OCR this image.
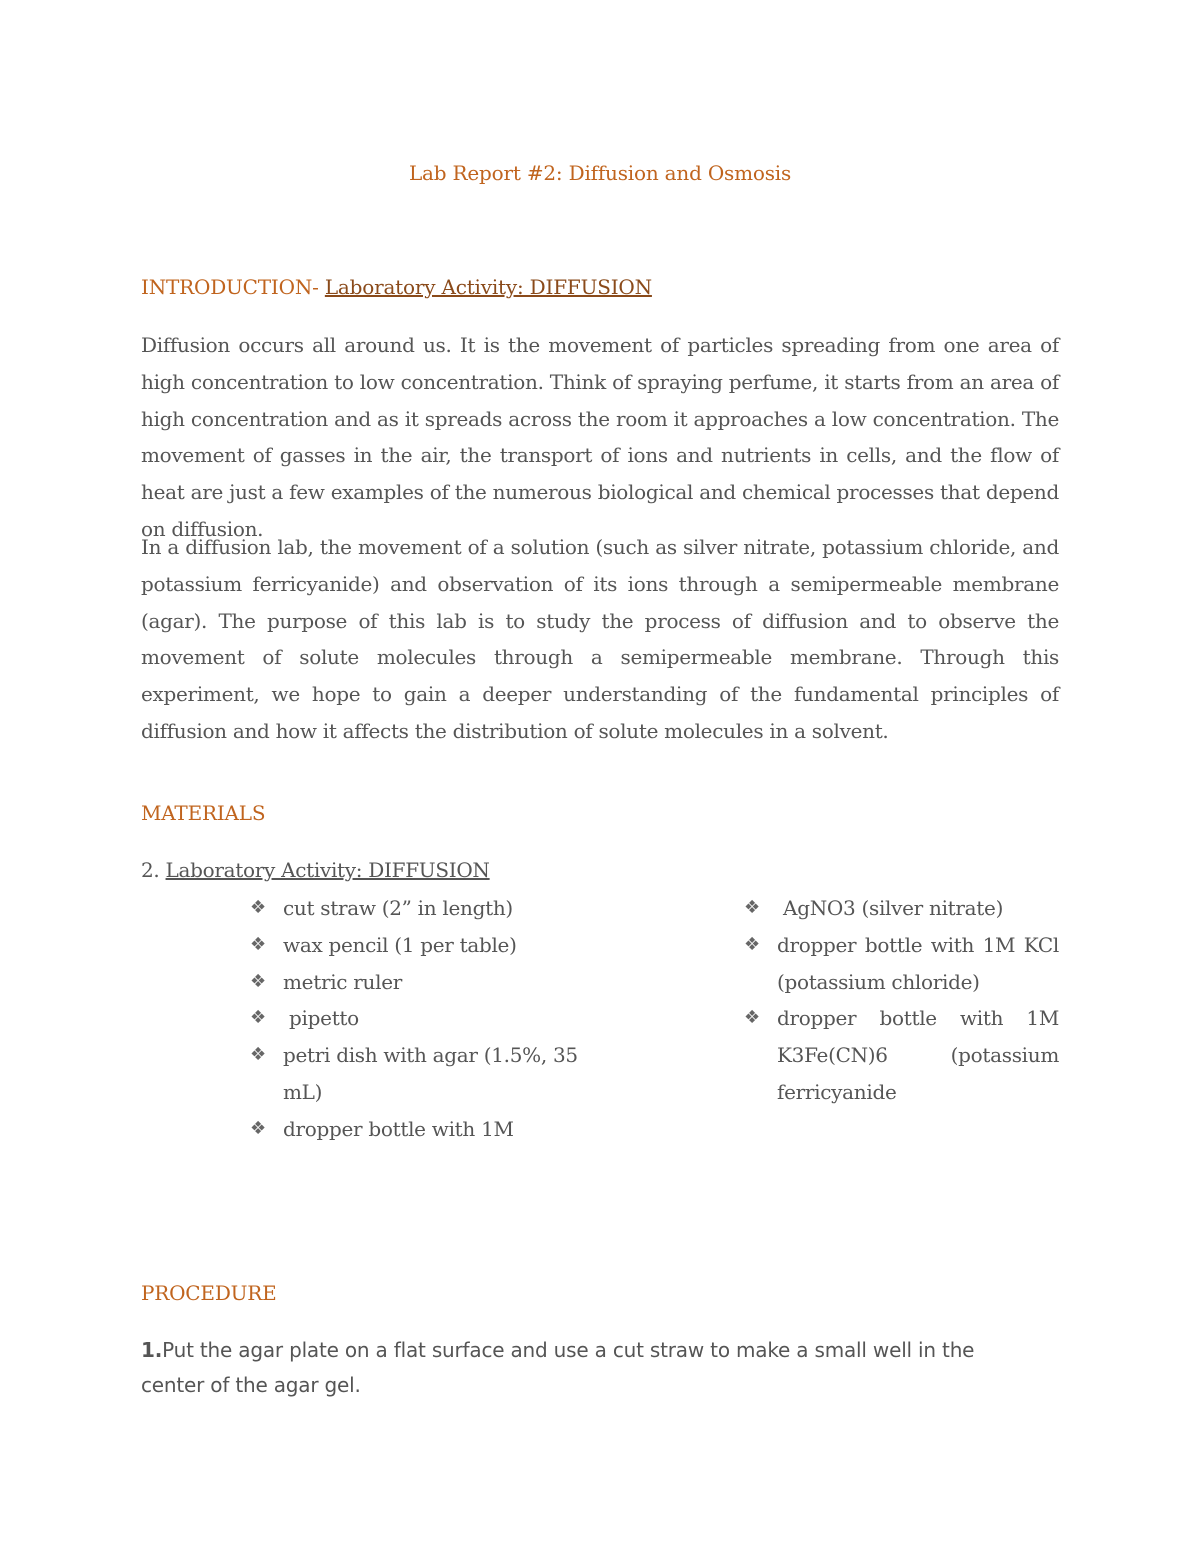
Lab Report #2: Diffusion and Osmosis
INTRODUCTION- Laboratory Activity: DIFFUSION

Diffusion occurs all around us. It is the movement of particles spreading from one area of high concentration to low concentration. Think of spraying perfume, it starts from an area of high concentration and as it spreads across the room it approaches a low concentration. The movement of gasses in the air, the transport of ions and nutrients in cells, and the flow of heat are just a few examples of the numerous biological and chemical processes that depend on diffusion.

In a diffusion lab, the movement of a solution (such as silver nitrate, potassium chloride, and potassium ferricyanide) and observation of its ions through a semipermeable membrane (agar). The purpose of this lab is to study the process of diffusion and to observe the movement of solute molecules through a semipermeable membrane. Through this experiment, we hope to gain a deeper understanding of the fundamental principles of diffusion and how it affects the distribution of solute molecules in a solvent.

MATERIALS
2. Laboratory Activity: DIFFUSION
❖ cut straw (2” in length)
❖ wax pencil (1 per table)
❖ metric ruler
❖ pipetto
❖ petri dish with agar (1.5%, 35 mL)
❖ dropper bottle with 1M
❖ AgNO3 (silver nitrate)
❖ dropper bottle with 1M KCl (potassium chloride)
❖ dropper bottle with 1M K3Fe(CN)6 (potassium ferricyanide
PROCEDURE
1.Put the agar plate on a flat surface and use a cut straw to make a small well in the center of the agar gel.
